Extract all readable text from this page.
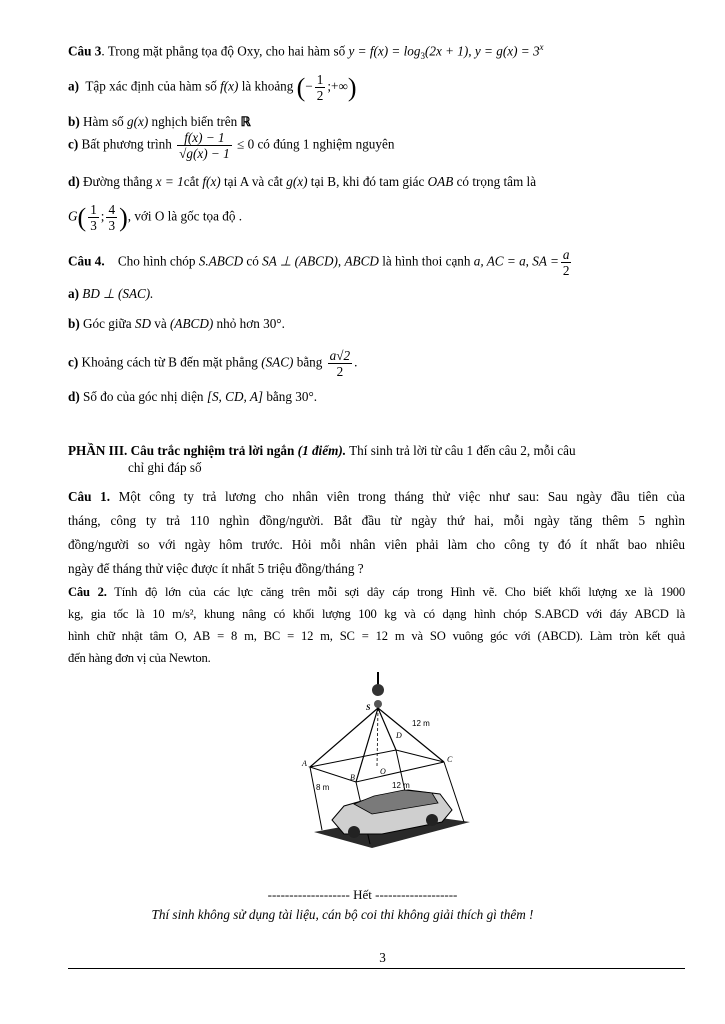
Câu 3. Trong mặt phẳng tọa độ Oxy, cho hai hàm số $y = f(x) = \log_3(2x + 1)$, $y = g(x) = 3^x$
a) Tập xác định của hàm số f(x) là khoảng (− $\frac{1}{2}$ ;+∞)
b) Hàm số g(x) nghịch biến trên ℝ
c) Bất phương trình $\frac{f(x) - 1}{√g(x) - 1} \le 0$ có đúng 1 nghiệm nguyên
d) Đường thẳng x = 1cắt f(x) tại A và cắt g(x) tại B, khi đó tam giác OAB có trọng tâm là
$G( \frac{1}{3}$ ; $\frac{4}{3}$ ), với O là gốc tọa độ .
Câu 4. Cho hình chóp S.ABCD có SA ⊥ (ABCD), ABCD là hình thoi cạnh a, AC = a, SA = $\frac{a}{2}$
a) BD ⊥ (SAC).
b) Góc giữa SD và (ABCD) nhỏ hơn 30°.
c) Khoảng cách từ B đến mặt phẳng (SAC) bằng $\frac{a√2}{2}$ .
d) Số đo của góc nhị diện [S, CD, A] bằng 30°.
PHẦN III. Câu trắc nghiệm trả lời ngắn (1 điểm). Thí sinh trả lời từ câu 1 đến câu 2, mỗi câu
chỉ ghi đáp số
Câu 1. Một công ty trả lương cho nhân viên trong tháng thử việc như sau: Sau ngày đầu tiên của
tháng, công ty trả 110 nghìn đồng/người. Bắt đầu từ ngày thứ hai, mỗi ngày tăng thêm 5 nghìn
đồng/người so với ngày hôm trước. Hỏi mỗi nhân viên phải làm cho công ty đó ít nhất bao nhiêu
ngày để tháng thử việc được ít nhất 5 triệu đồng/tháng ?
Câu 2. Tính độ lớn của các lực căng trên mỗi sợi dây cáp trong Hình vẽ. Cho biết khối lượng xe là 1900
kg, gia tốc là 10 m/s², khung nâng có khối lượng 100 kg và có dạng hình chóp S.ABCD với đáy ABCD là
hình chữ nhật tâm O, AB = 8 m, BC = 12 m, SC = 12 m và SO vuông góc với (ABCD). Làm tròn kết quả
đến hàng đơn vị của Newton.
S
A
B
C
D
O
12 m
8 m	12 m
------------------- Hết -------------------
Thí sinh không sử dụng tài liệu, cán bộ coi thi không giải thích gì thêm !
3
